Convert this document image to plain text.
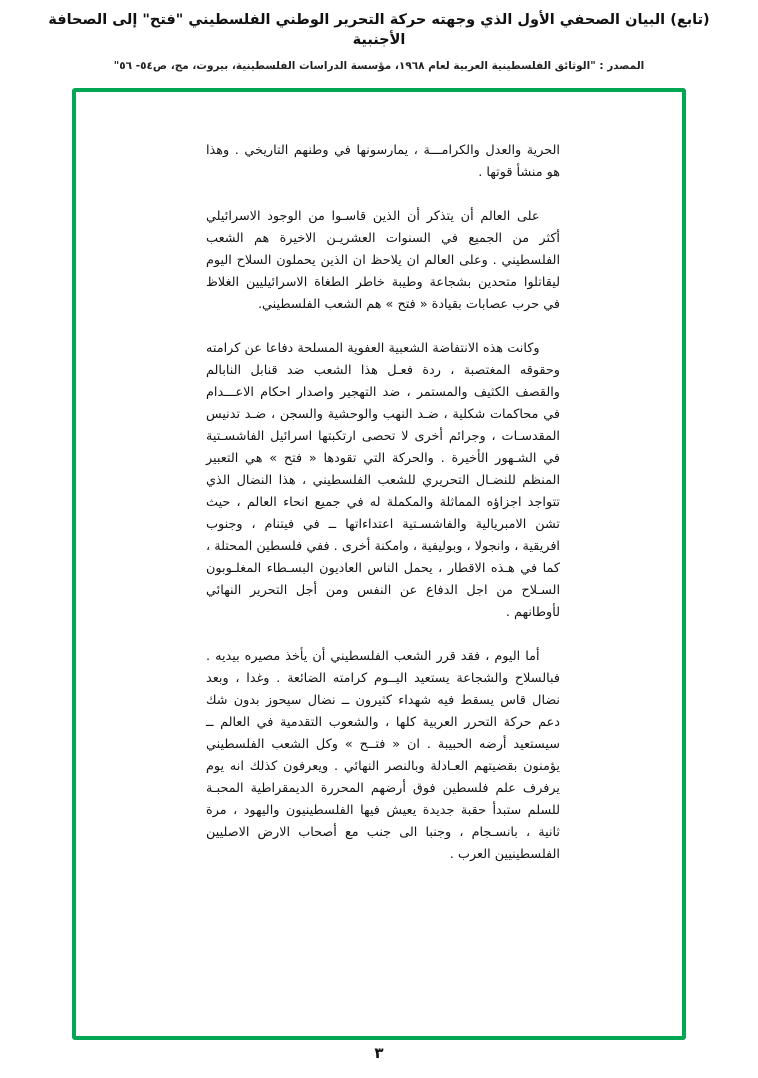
(تابع) البيان الصحفي الأول الذي وجهته حركة التحرير الوطني الفلسطيني "فتح" إلى الصحافة الأجنبية
المصدر : "الوثائق الفلسطينية العربية لعام ١٩٦٨، مؤسسة الدراسات الفلسطينية، بيروت، مج، ص٥٤- ٥٦"

الحرية والعدل والكرامـــة ، يمارسونها في وطنهم التاريخي . وهذا هو منشأ قوتها .

على العالم أن يتذكر أن الذين قاسـوا من الوجود الاسرائيلي أكثر من الجميع في السنوات العشريـن الاخيرة هم الشعب الفلسطيني . وعلى العالم ان يلاحظ ان الذين يحملون السلاح اليوم ليقاتلوا متحدين بشجاعة وطيبة خاطر الطغاة الاسرائيليين الغلاظ في حرب عصابات بقيادة « فتح » هم الشعب الفلسطيني.

وكانت هذه الانتفاضة الشعبية العفوية المسلحة دفاعا عن كرامته وحقوقه المغتصبة ، ردة فعـل هذا الشعب ضد قنابل النابالم والقصف الكثيف والمستمر ، ضد التهجير واصدار احكام الاعـــدام في محاكمات شكلية ، ضـد النهب والوحشية والسجن ، ضـد تدنيس المقدسـات ، وجرائم أخرى لا تحصى ارتكبتها اسرائيل الفاشسـتية في الشـهور الأخيرة . والحركة التي تقودها « فتح » هي التعبير المنظم للنضـال التحريري للشعب الفلسطيني ، هذا النضال الذي تتواجد اجزاؤه المماثلة والمكملة له في جميع انحاء العالم ، حيث تشن الامبريالية والفاشسـتية اعتداءاتها ــ في فيتنام ، وجنوب افريقية ، وانجولا ، وبوليفية ، وامكنة أخرى . ففي فلسطين المحتلة ، كما في هـذه الاقطار ، يحمل الناس العاديون البسـطاء المغلـوبون السـلاح من اجل الدفاع عن النفس ومن أجل التحرير النهائي لأوطانهم .

أما اليوم ، فقد قرر الشعب الفلسطيني أن يأخذ مصيره بيديه . فبالسلاح والشجاعة يستعيد اليــوم كرامته الضائعة . وغدا ، وبعد نضال قاس يسقط فيه شهداء كثيرون ــ نضال سيحوز بدون شك دعم حركة التحرر العربية كلها ، والشعوب التقدمية في العالم ــ سيستعيد أرضه الحبيبة . ان « فتــح » وكل الشعب الفلسطيني يؤمنون بقضيتهم العـادلة وبالنصر النهائي . ويعرفون كذلك انه يوم يرفرف علم فلسطين فوق أرضهم المحررة الديمقراطية المحبـة للسلم ستبدأ حقبة جديدة يعيش فيها الفلسطينيون واليهود ، مرة ثانية ، بانسـجام ، وجنبا الى جنب مع أصحاب الارض الاصليين الفلسطينيين العرب .

٣
